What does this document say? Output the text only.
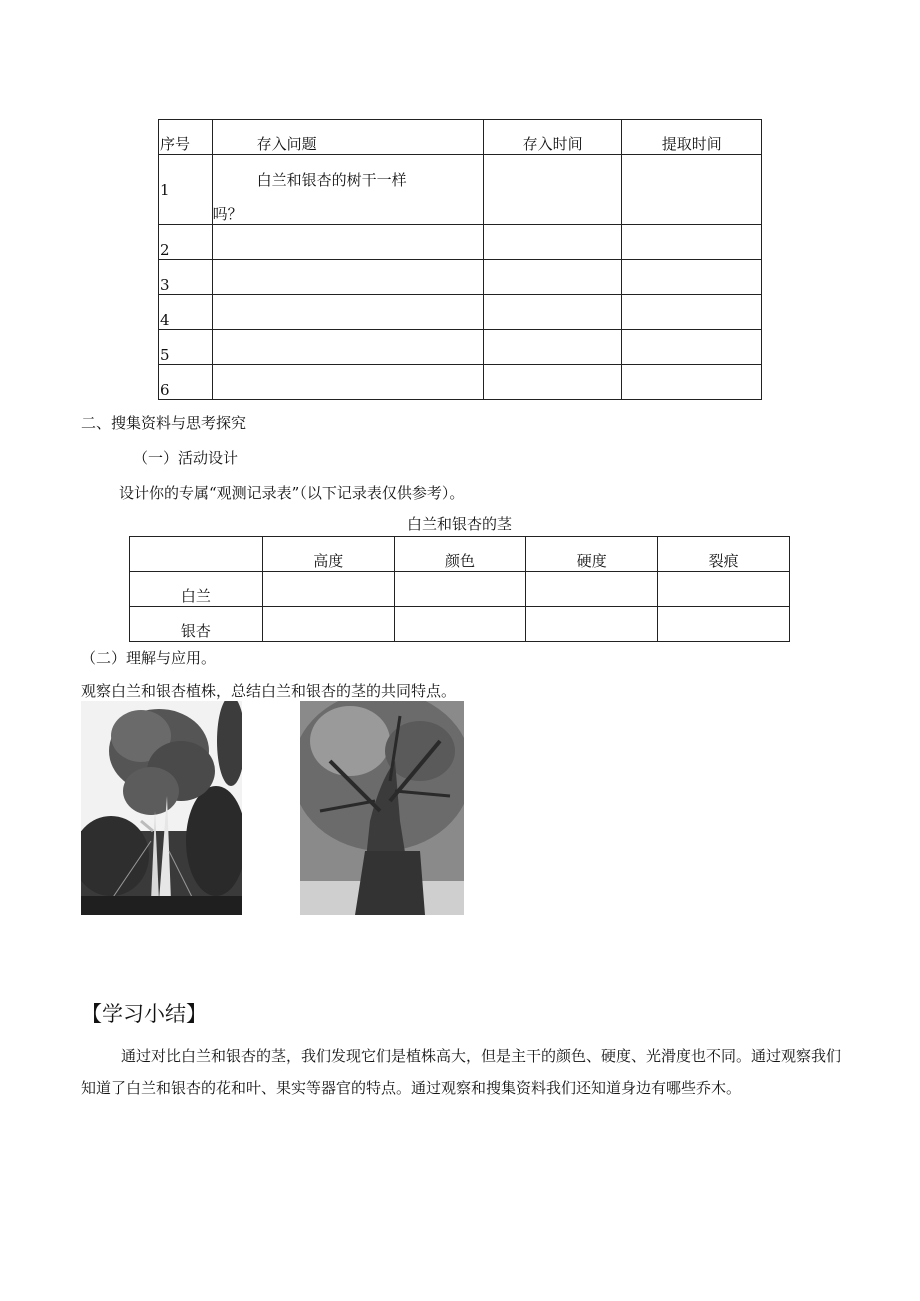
序号	存入问题	存入时间	提取时间
1	白兰和银杏的树干一样
吗？		

2			
3			
4			
5			
6			
二、搜集资料与思考探究
（一）活动设计
设计你的专属“观测记录表”（以下记录表仅供参考）。
白兰和银杏的茎
	高度	颜色	硬度	裂痕
白兰				
银杏				
（二）理解与应用。
观察白兰和银杏植株，总结白兰和银杏的茎的共同特点。
【学习小结】

通过对比白兰和银杏的茎，我们发现它们是植株高大，但是主干的颜色、硬度、光滑度也不同。通过观察我们知道了白兰和银杏的花和叶、果实等器官的特点。通过观察和搜集资料我们还知道身边有哪些乔木。
